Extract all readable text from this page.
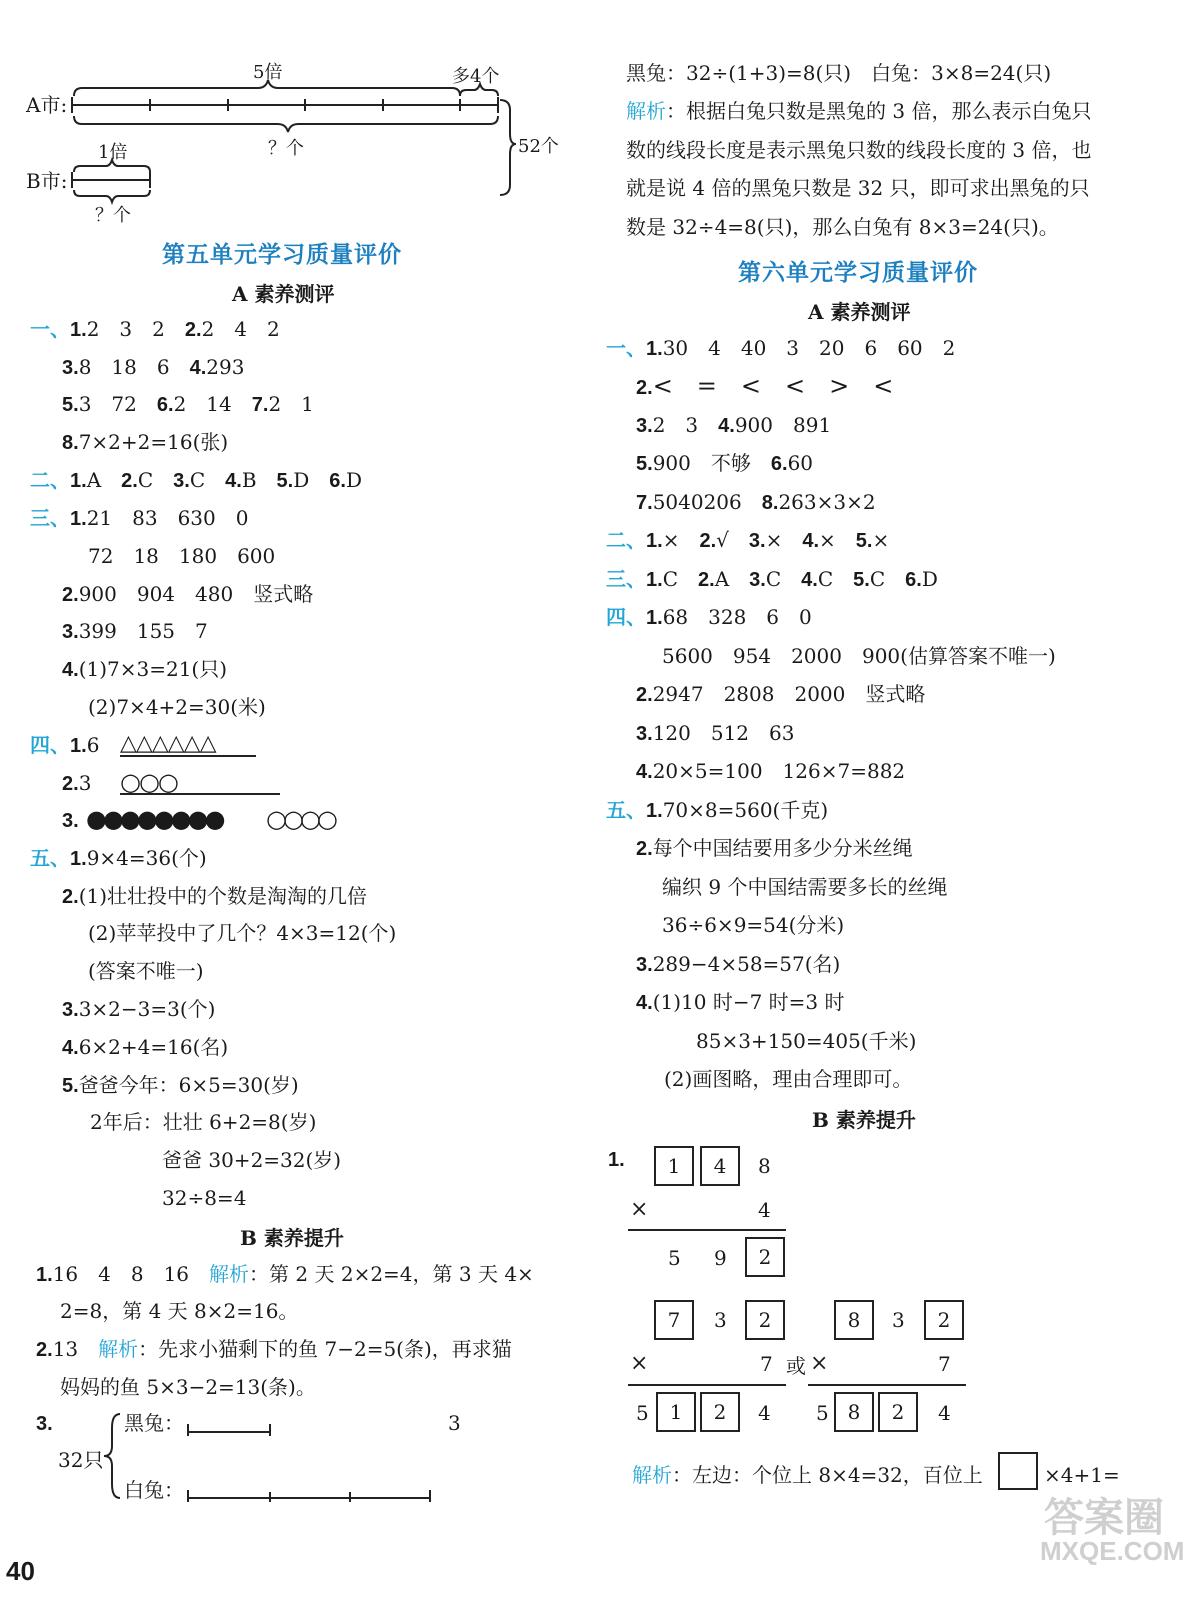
A市:
B市:
5倍	多4个
？个
1倍
？个
52个
第五单元学习质量评价
A 素养测评
一、1.2　3　2　 2.2　4　2
3.8　18　6　 4.293
5.3　72　 6.2　14　 7.2　1
8.7×2+2=16(张)
二、1.A　 2.C　 3.C　 4.B　 5.D　 6.D
三、1.21　83　630　0
72　18　180　600
2.900　904　480　竖式略
3.399　155　7
4.(1)7×3=21(只)
(2)7×4+2=30(米)
四、1.6 △△△△△△
2.3 ○○○
3. ●●●●●●●● ○○○○
五、1.9×4=36(个)
2.(1)壮壮投中的个数是淘淘的几倍
(2)苹苹投中了几个？4×3=12(个)
(答案不唯一)
3.3×2−3=3(个)
4.6×2+4=16(名)
5.爸爸今年：6×5=30(岁)
2年后：壮壮 6+2=8(岁)
爸爸 30+2=32(岁)
32÷8=4
B 素养提升
1.16　4　8　16　解析：第 2 天 2×2=4，第 3 天 4×
2=8，第 4 天 8×2=16。
2.13　解析：先求小猫剩下的鱼 7−2=5(条)，再求猫
妈妈的鱼 5×3−2=13(条)。
3.	黑兔：	3
32只
白兔：
黑兔：32÷(1+3)=8(只)　白兔：3×8=24(只)
解析：根据白兔只数是黑兔的 3 倍，那么表示白兔只
数的线段长度是表示黑兔只数的线段长度的 3 倍，也
就是说 4 倍的黑兔只数是 32 只，即可求出黑兔的只
数是 32÷4=8(只)，那么白兔有 8×3=24(只)。
第六单元学习质量评价
A 素养测评
一、1.30　4　40　3　20　6　60　2
2.<　=　<　<　>　<
3.2　3　 4.900　891
5.900　不够　 6.60
7.5040206　 8.263×3×2
二、1.×　 2.√　 3.×　 4.×　 5.×
三、1.C　 2.A　 3.C　 4.C　 5.C　 6.D
四、1.68　328　6　0
5600　954　2000　900(估算答案不唯一)
2.2947　2808　2000　竖式略
3.120　512　63
4.20×5=100　126×7=882
五、1.70×8=560(千克)
2.每个中国结要用多少分米丝绳
编织 9 个中国结需要多长的丝绳
36÷6×9=54(分米)
3.289−4×58=57(名)
4.(1)10 时−7 时=3 时
85×3+150=405(千米)
(2)画图略，理由合理即可。
B 素养提升
1.	1	4	8
×	4
5 9	2
7	3	2
×	7 或
5	1	2	4
8	3	2
×	7
5 8	2	4
解析：左边：个位上 8×4=32，百位上	×4+1=
40
答案圈
MXQE.COM
